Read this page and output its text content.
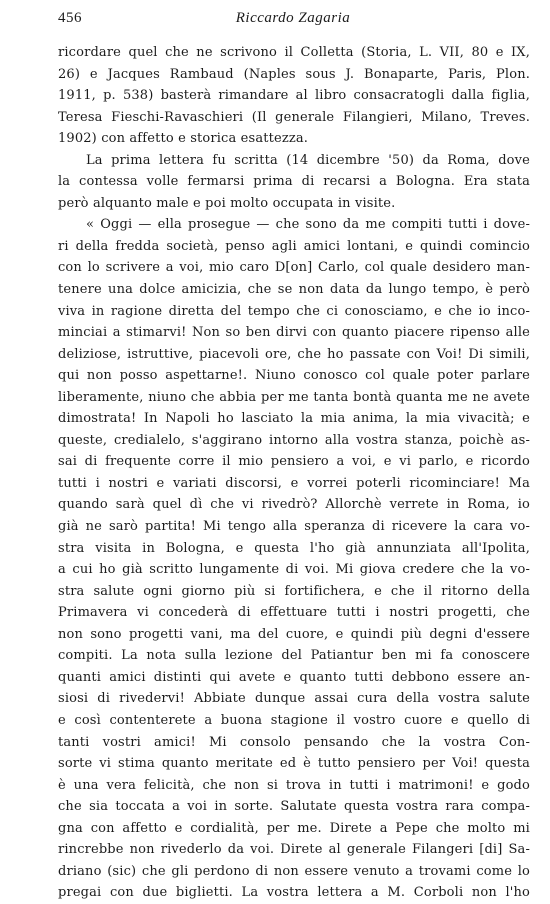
456	Riccardo Zagaria
ricordare quel che ne scrivono il Colletta (Storia, L. VII, 80 e IX,
26) e Jacques Rambaud (Naples sous J. Bonaparte, Paris, Plon.
1911, p. 538) basterà rimandare al libro consacratogli dalla figlia,
Teresa Fieschi-Ravaschieri (Il generale Filangieri, Milano, Treves.
1902) con affetto e storica esattezza.
La prima lettera fu scritta (14 dicembre '50) da Roma, dove
la contessa volle fermarsi prima di recarsi a Bologna. Era stata
però alquanto male e poi molto occupata in visite.
« Oggi — ella prosegue — che sono da me compiti tutti i dove-
ri della fredda società, penso agli amici lontani, e quindi comincio
con lo scrivere a voi, mio caro D[on] Carlo, col quale desidero man-
tenere una dolce amicizia, che se non data da lungo tempo, è però
viva in ragione diretta del tempo che ci conosciamo, e che io inco-
minciai a stimarvi! Non so ben dirvi con quanto piacere ripenso alle
deliziose, istruttive, piacevoli ore, che ho passate con Voi! Di simili,
qui non posso aspettarne!. Niuno conosco col quale poter parlare
liberamente, niuno che abbia per me tanta bontà quanta me ne avete
dimostrata! In Napoli ho lasciato la mia anima, la mia vivacità; e
queste, credialelo, s'aggirano intorno alla vostra stanza, poichè as-
sai di frequente corre il mio pensiero a voi, e vi parlo, e ricordo
tutti i nostri e variati discorsi, e vorrei poterli ricominciare! Ma
quando sarà quel dì che vi rivedrò? Allorchè verrete in Roma, io
già ne sarò partita! Mi tengo alla speranza di ricevere la cara vo-
stra visita in Bologna, e questa l'ho già annunziata all'Ipolita,
a cui ho già scritto lungamente di voi. Mi giova credere che la vo-
stra salute ogni giorno più si fortifichera, e che il ritorno della
Primavera vi concederà di effettuare tutti i nostri progetti, che
non sono progetti vani, ma del cuore, e quindi più degni d'essere
compiti. La nota sulla lezione del Patiantur ben mi fa conoscere
quanti amici distinti qui avete e quanto tutti debbono essere an-
siosi di rivedervi! Abbiate dunque assai cura della vostra salute
e così contenterete a buona stagione il vostro cuore e quello di
tanti vostri amici! Mi consolo pensando che la vostra Con-
sorte vi stima quanto meritate ed è tutto pensiero per Voi! questa
è una vera felicità, che non si trova in tutti i matrimoni! e godo
che sia toccata a voi in sorte. Salutate questa vostra rara compa-
gna con affetto e cordialità, per me. Direte a Pepe che molto mi
rincrebbe non rivederlo da voi. Direte al generale Filangeri [di] Sa-
driano (sic) che gli perdono di non essere venuto a trovami come lo
pregai con due biglietti. La vostra lettera a M. Corboli non l'ho
